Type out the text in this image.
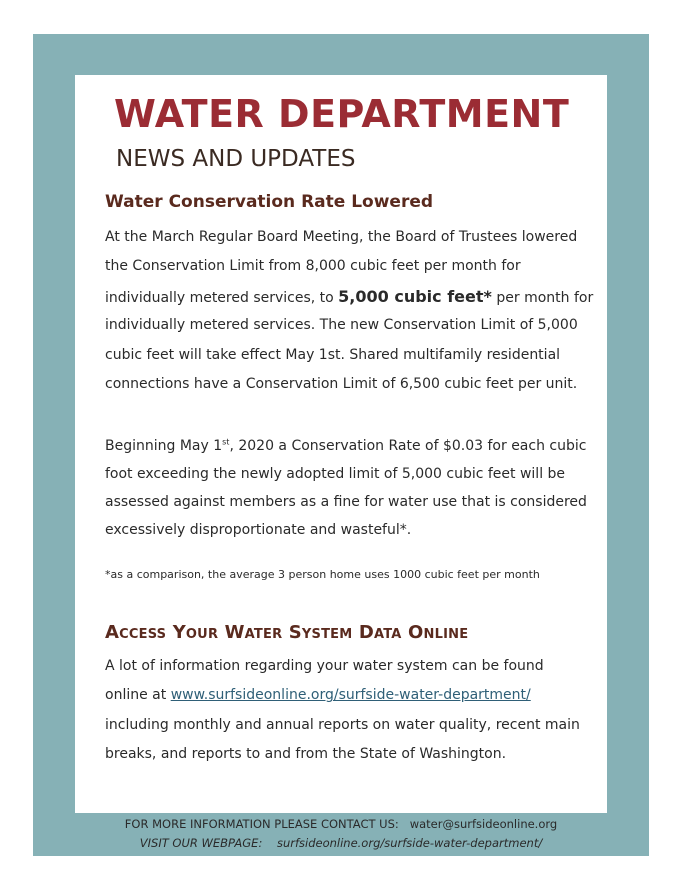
WATER DEPARTMENT
NEWS AND UPDATES
Water Conservation Rate Lowered
At the March Regular Board Meeting, the Board of Trustees lowered
the Conservation Limit from 8,000 cubic feet per month for
individually metered services, to 5,000 cubic feet* per month for
individually metered services. The new Conservation Limit of 5,000
cubic feet will take effect May 1st. Shared multifamily residential
connections have a Conservation Limit of 6,500 cubic feet per unit.
Beginning May 1st, 2020 a Conservation Rate of $0.03 for each cubic
foot exceeding the newly adopted limit of 5,000 cubic feet will be
assessed against members as a fine for water use that is considered
excessively disproportionate and wasteful*.

*as a comparison, the average 3 person home uses 1000 cubic feet per month

Access Your Water System Data Online
A lot of information regarding your water system can be found
online at www.surfsideonline.org/surfside-water-department/
including monthly and annual reports on water quality, recent main
breaks, and reports to and from the State of Washington.
FOR MORE INFORMATION PLEASE CONTACT US: water@surfsideonline.org
VISIT OUR WEBPAGE: surfsideonline.org/surfside-water-department/
